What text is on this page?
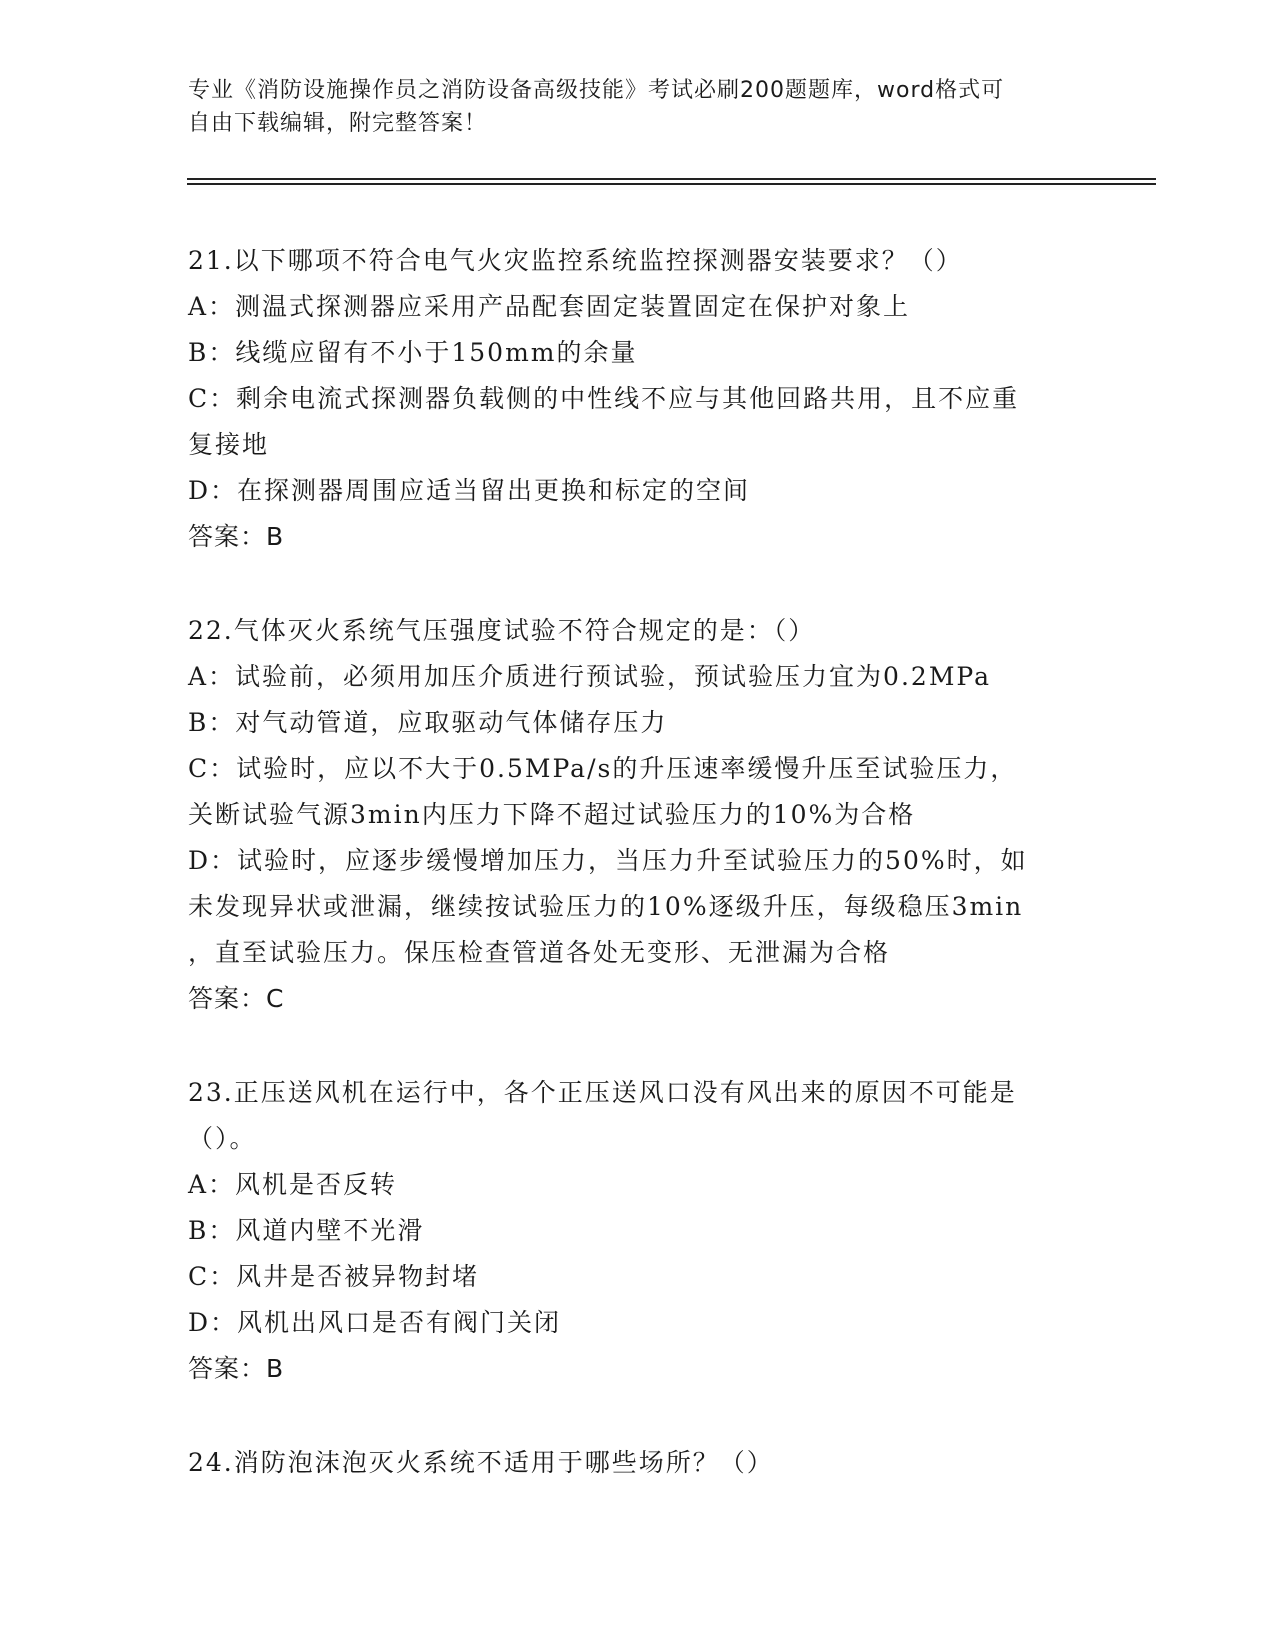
专业《消防设施操作员之消防设备高级技能》考试必刷200题题库，word格式可
自由下载编辑，附完整答案！
21.以下哪项不符合电气火灾监控系统监控探测器安装要求？（）
A：测温式探测器应采用产品配套固定装置固定在保护对象上
B：线缆应留有不小于150mm的余量
C：剩余电流式探测器负载侧的中性线不应与其他回路共用，且不应重
复接地
D：在探测器周围应适当留出更换和标定的空间
答案：B
22.气体灭火系统气压强度试验不符合规定的是：（）
A：试验前，必须用加压介质进行预试验，预试验压力宜为0.2MPa
B：对气动管道，应取驱动气体储存压力
C：试验时，应以不大于0.5MPa/s的升压速率缓慢升压至试验压力，
关断试验气源3min内压力下降不超过试验压力的10%为合格
D：试验时，应逐步缓慢增加压力，当压力升至试验压力的50%时，如
未发现异状或泄漏，继续按试验压力的10%逐级升压，每级稳压3min
，直至试验压力。保压检查管道各处无变形、无泄漏为合格
答案：C
23.正压送风机在运行中，各个正压送风口没有风出来的原因不可能是
（）。
A：风机是否反转
B：风道内壁不光滑
C：风井是否被异物封堵
D：风机出风口是否有阀门关闭
答案：B
24.消防泡沫泡灭火系统不适用于哪些场所？（）
